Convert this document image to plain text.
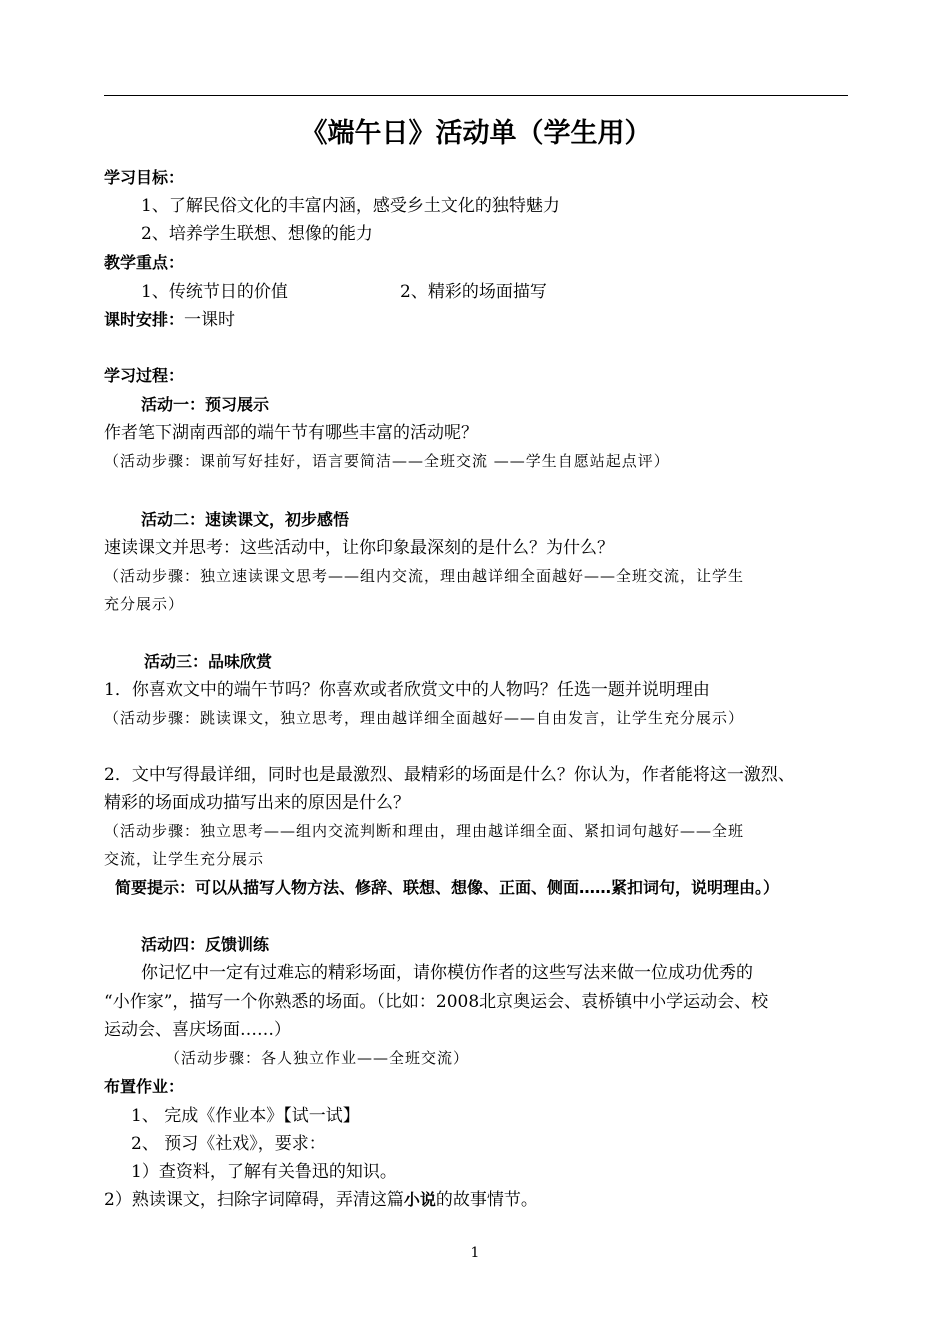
《端午日》活动单（学生用）
学习目标：
1、了解民俗文化的丰富内涵，感受乡土文化的独特魅力
2、培养学生联想、想像的能力
教学重点：
1、传统节日的价值	2、精彩的场面描写
课时安排：一课时
学习过程：
活动一：预习展示
作者笔下湖南西部的端午节有哪些丰富的活动呢？
（活动步骤：课前写好挂好，语言要简洁——全班交流 ——学生自愿站起点评）
活动二：速读课文，初步感悟
速读课文并思考：这些活动中，让你印象最深刻的是什么？为什么？
（活动步骤：独立速读课文思考——组内交流，理由越详细全面越好——全班交流，让学生
充分展示）
活动三：品味欣赏
1．你喜欢文中的端午节吗？你喜欢或者欣赏文中的人物吗？任选一题并说明理由
（活动步骤：跳读课文，独立思考，理由越详细全面越好——自由发言，让学生充分展示）
2．文中写得最详细，同时也是最激烈、最精彩的场面是什么？你认为，作者能将这一激烈、
精彩的场面成功描写出来的原因是什么？
（活动步骤：独立思考——组内交流判断和理由，理由越详细全面、紧扣词句越好——全班
交流，让学生充分展示
简要提示：可以从描写人物方法、修辞、联想、想像、正面、侧面……紧扣词句，说明理由。）
活动四：反馈训练
你记忆中一定有过难忘的精彩场面，请你模仿作者的这些写法来做一位成功优秀的
“小作家”，描写一个你熟悉的场面。（比如：2008北京奥运会、袁桥镇中小学运动会、校
运动会、喜庆场面……）
（活动步骤：各人独立作业——全班交流）
布置作业：
1、 完成《作业本》【试一试】
2、 预习《社戏》，要求：
1）查资料，了解有关鲁迅的知识。
2）熟读课文，扫除字词障碍，弄清这篇小说的故事情节。
1
